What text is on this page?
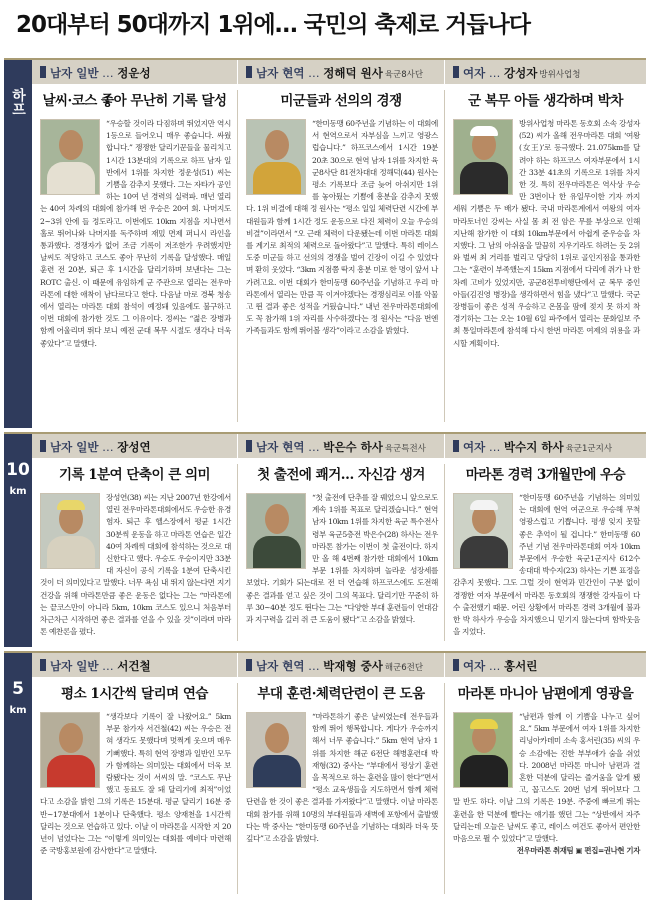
20대부터 50대까지 1위에… 국민의 축제로 거듭나다
하프
남자 일반 … 정운성
날씨·코스 좋아 무난히 기록 달성
“우승할 것이라 다짐하며 뛰었지만 역시 1등으로 들어오니 매우 좋습니다. 싸웠합니다.” 쟁쟁한 달리기꾼들을 물리치고 1시간 13분대의 기록으로 하프 남자 일반에서 1위를 차지한 정운성(51) 씨는 기쁨을 감추지 못했다. 그는 자타가 공인하는 10여 년 경력의 실력파. 매년 열리는 40여 차례의 대회에 참가해 번 우승은 20여 회. 나머지도 2~3위 안에 들 정도라고. 이번에도 10km 지점을 지나면서 홀로 뛰어나와 나머지를 독주하며 재밌 면제 퍼니시 라인을 통과했다. 경쟁자가 없어 조금 기록이 저조한가 우려했지만 날씨도 적당하고 코스도 좋아 무난히 기록을 달성했다. 매일 훈련 전 20분, 퇴근 후 1시간을 달리기하며 보낸다는 그는 ROTC 출신. 이 때문에 유임하게 군 주관으로 열리는 전우마라톤에 대한 애착이 남다르다고 한다. 다음날 마로 경북 청송에서 열리는 마라톤 대회 참석이 예정돼 있음에도 불구하고 이번 대회에 참가한 것도 그 이유이다. 정씨는 “젊은 장병과 함께 어울리며 뛰다 보니 예전 군대 복무 시절도 생각나 더욱 좋았다”고 말했다.
남자 현역 … 정해덕 원사 육군8사단
미군들과 선의의 경쟁
“한미동맹 60주년을 기념하는 이 대회에서 현역으로서 자부심을 느끼고 영광스럽습니다.” 하프코스에서 1시간 19분 20초 30으로 현역 남자 1위를 차지한 육군8사단 81전차대대 정해덕(44) 원사는 평소 기록보다 조금 늦어 아쉬지만 1위를 놓아뒀는 기쁨에 흥분을 감추지 못했다. 1위 비결에 대해 정 원사는 “평소 일일 체력단련 시간에 부대원들과 함께 1시간 정도 운동으로 다진 체력이 오늘 우승의 비결”이라면서 “오 근래 체력이 다운됐는데 이번 마라톤 대회를 계기로 최적의 체력으로 돌아왔다”고 말했다. 특히 레이스 도중 미군들 하고 선의의 경쟁을 벌여 긴장이 이길 수 있었다며 환히 웃었다. “3km 지점쯤 딱지 흥분 미로 한 명이 앞서 나가려고요. 이번 대회가 한미동맹 60주년을 기념하고 우리 마라톤에서 열리는 만큼 꼭 이겨야겠다는 경쟁심리로 이를 악물고 뛴 결과 좋은 성적을 거뒀습니다.” 내년 전우마라톤대회에도 꼭 참가해 1위 자리를 사수하겠다는 정 원사는 “다음 번엔 가족들과도 함께 뛰어볼 생각”이라고 소감을 밝혔다.
여자 … 강성자 방위사업청
군 복무 아들 생각하며 박차
방위사업청 마라톤 동호회 소속 강성자(52) 씨가 올해 전우마라톤 대회 ‘여왕(女王)’로 등극했다. 21.075km를 달려야 하는 하프코스 여자부문에서 1시간 33분 41초의 기록으로 1위를 차지한 것. 특히 전우마라톤은 역사상 우승만 3번이나 한 유일무이한 기자 까지 세워 기쁨은 두 배가 됐다. 국내 마라톤계에서 여왕의 여자 마라토너인 강씨는 사실 몸 최 전 암은 무릎 부상으로 인해 지난해 참가한 이 대회 10km부문에서 아쉽게 준우승을 차지했다. 그 남의 아쉬움을 말끔히 지우기라도 하려는 듯 2위와 벌써 최 거리를 벌리고 당당히 1위로 골인지점을 통과한 그는 “훈련이 부족했는지 15km 지점에서 다리에 쥐가 나 한 차례 고비가 있었지만, 공군8전투비행단에서 군 복무 중인 아들(김진영 병장)을 생각하면서 힘을 냈다”고 말했다. 국군 장병들이 좋은 성적 우승하고 온몸을 땀에 젖지 못 하지 착 경기하는 그는 오는 10월 6일 파주에서 열리는 문화일보 주최 통일마라톤에 참석해 다시 한번 마라톤 여제의 위용을 과시할 계획이다.
10
km
남자 일반 … 장성연
기록 1분여 단축이 큰 의미
장성연(38) 씨는 지난 2007년 한강에서 열린 전우마라톤대회에서도 우승한 유경험자. 퇴근 후 헬스장에서 평균 1시간 30분씩 운동을 하고 마라톤 연습은 일간 40여 차례씩 대회에 참석하는 것으로 대신한다고 했다. 우승도 우승이지만 33분대 자신이 공식 기록을 1분여 단축시킨 것이 더 의미있다고 말했다. 너무 욕심 내 뛰지 않는다면 지기 건강을 위해 마라톤만큼 좋은 운동은 없다는 그는 “마라톤에는 끝코스만이 아니라 5km, 10km 코스도 있으니 처음부터 차근차근 시작하면 좋은 결과를 얻을 수 있을 것”이라며 마라톤 예찬론을 폈다.
남자 현역 … 박은수 하사 육군특전사
첫 출전에 쾌거… 자신감 생겨
“첫 출전에 단추를 잘 꿰었으니 앞으로도 계속 1위를 목표로 달리겠습니다.” 현역 남자 10km 1위를 차지한 육군 특수전사령부 육군5층전 박은수(28) 하사는 전우마라톤 참가는 이번이 첫 출전이다. 하지만 올 해 4번째 참가한 대회에서 10km 부문 1위를 차지하며 놀라운 성장세를 보였다. 기회가 되는대로 전 더 연습해 하프코스에도 도전해 좋은 결과를 얻고 싶은 것이 그의 목표다. 달리기만 꾸준히 하루 30~40분 정도 뛴다는 그는 “다양한 부대 훈련들이 연대감과 지구력을 길러 쥐 큰 도움이 됐다”고 소감을 밝혔다.
여자 … 박수지 하사 육군1군지사
마라톤 경력 3개월만에 우승
“한미동맹 60주년을 기념하는 의미있는 대회에 현역 여군으로 우승해 무척 영광스럽고 기쁩니다. 평생 잊지 못할 좋은 추억이 될 겁니다.” 한미동맹 60주년 기념 전우마라톤대회 여자 10km 부문에서 우승한 육군1군지사 612수송대대 박수지(23) 하사는 기쁜 표정을 감추지 못했다. 그도 그럴 것이 현역과 민간인이 구분 없이 경쟁한 여자 부문에서 마라톤 동호회의 쟁쟁한 강자들이 다 수 출전했기 때문. 어린 상황에서 마라톤 경력 3개월에 불과한 박 하사가 우승을 차지했으니 믿기지 않는다며 함박웃음을 지었다.
5
km
남자 일반 … 서건철
평소 1시간씩 달리며 연습
“생각보다 기록이 잘 나왔어요.” 5km 부문 참가자 서건철(42) 씨는 우승은 전혀 생각도 못했다며 멋쩍게 웃으며 매우 기뻐했다. 특히 현역 장병과 일반인 모두가 함께하는 의미있는 대회에서 더욱 보람됐다는 것이 서씨의 말. “코스도 무난했고 동료도 잘 돼 달리기에 최적”이었다고 소감을 밝힌 그의 기록은 15분대. 평균 달리기 16분 중반~17분대에서 1분이나 단축했다. 평소 양재천을 1시간씩 달리는 것으로 연습하고 있다. 이날 이 마라톤을 시작한 지 20년이 넘었다는 그는 “이렇게 의미있는 대회를 예비다 마련해 준 국방홍보원에 감사한다”고 말했다.
남자 현역 … 박재형 중사 해군6전단
부대 훈련·체력단련이 큰 도움
“마라톤하기 좋은 날씨였는데 전우들과 함께 뛰어 행복합니다. 게다가 우승까지 해서 너무 좋습니다.” 5km 현역 남자 1위를 차지한 해군 6전단 해병훈련대 박재형(32) 중사는 “부대에서 평상기 훈련을 목적으로 하는 훈련을 많이 한다”면서 “평소 교육생들을 지도하면서 함께 체력단련을 한 것이 좋은 결과를 가져왔다”고 말했다. 이날 마라톤 대회 참가를 위해 10명의 부대원들과 새벽에 포항에서 출발했다는 박 중사는 “한미동맹 60주년을 기념하는 대회라 더욱 뜻깊다”고 소감을 밝혔다.
여자 … 홍서린
마라톤 마니아 남편에게 영광을
“남편과 함께 이 기쁨을 나누고 싶어요.” 5km 부문에서 여자 1위를 차지한 리닝아카데미 소속 홍서린(35) 씨의 우승 소감에는 진한 부부애가 숨을 쉬었다. 2008년 마라톤 마니아 남편과 결혼한 덕분에 달리는 즐거움을 알게 됐고, 꼽고스도 20번 넘게 뛰어보다 그 말 반도 하다. 이날 그의 기록은 19분. 주중에 빠르게 뛰는 훈련을 한 덕분에 빨다는 얘기를 했던 그는 “상반에서 자주 달리는데 오늘은 날씨도 좋고, 레이스 여건도 좋아서 편안한 마음으로 뛸 수 있었다”고 말했다.
전우마라톤 취재팀 ▣ 편집=권나현 기자
